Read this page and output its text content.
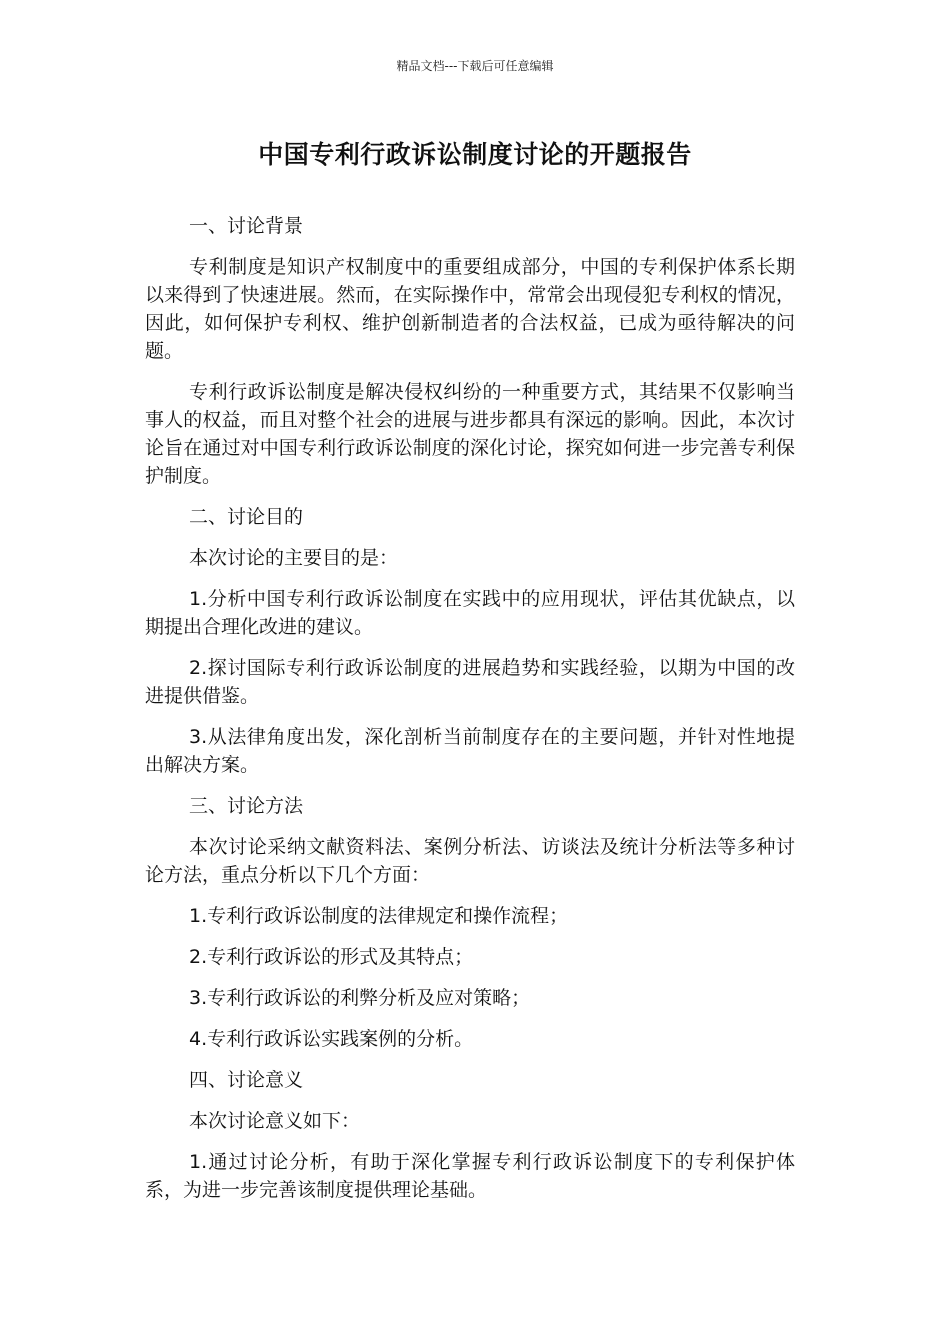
精品文档---下载后可任意编辑
中国专利行政诉讼制度讨论的开题报告

一、讨论背景

专利制度是知识产权制度中的重要组成部分，中国的专利保护体系长期以来得到了快速进展。然而，在实际操作中，常常会出现侵犯专利权的情况，因此，如何保护专利权、维护创新制造者的合法权益，已成为亟待解决的问题。

专利行政诉讼制度是解决侵权纠纷的一种重要方式，其结果不仅影响当事人的权益，而且对整个社会的进展与进步都具有深远的影响。因此，本次讨论旨在通过对中国专利行政诉讼制度的深化讨论，探究如何进一步完善专利保护制度。

二、讨论目的

本次讨论的主要目的是：

1.分析中国专利行政诉讼制度在实践中的应用现状，评估其优缺点，以期提出合理化改进的建议。

2.探讨国际专利行政诉讼制度的进展趋势和实践经验，以期为中国的改进提供借鉴。

3.从法律角度出发，深化剖析当前制度存在的主要问题，并针对性地提出解决方案。

三、讨论方法

本次讨论采纳文献资料法、案例分析法、访谈法及统计分析法等多种讨论方法，重点分析以下几个方面：

1.专利行政诉讼制度的法律规定和操作流程；

2.专利行政诉讼的形式及其特点；

3.专利行政诉讼的利弊分析及应对策略；

4.专利行政诉讼实践案例的分析。

四、讨论意义

本次讨论意义如下：

1.通过讨论分析，有助于深化掌握专利行政诉讼制度下的专利保护体系，为进一步完善该制度提供理论基础。
